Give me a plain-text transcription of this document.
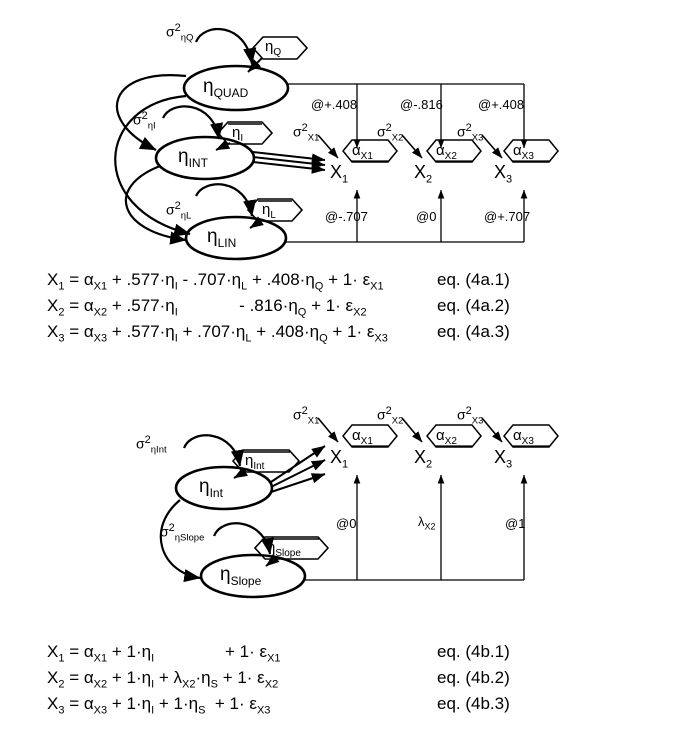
$\eta_{QUAD}$
$\eta_{INT}$
$\eta_{LIN}$
$\sigma^2_{\eta Q}$
$\sigma^2_{\eta I}$
$\sigma^2_{\eta L}$
$\sigma^2_{X1}$	$\sigma^2_{X2}$	$\sigma^2_{X3}$
$\eta_Q$
$\eta_I$
$\eta_L$
$\alpha_{X1}$	$\alpha_{X2}$	$\alpha_{X3}$
$X_1$	$X_2$	$X_3$
@+.408	@-.816	@+.408
@-.707	@0	@+.707
$X_1 = \alpha_{X1} + .577\cdot\eta_I - .707\cdot\eta_L + .408\cdot\eta_Q + 1\cdot \varepsilon_{X1}$	eq. (4a.1)
$X_2 = \alpha_{X2} + .577\cdot\eta_I$             - $.816\cdot\eta_Q + 1\cdot \varepsilon_{X2}$	eq. (4a.2)
$X_3 = \alpha_{X3} + .577\cdot\eta_I + .707\cdot\eta_L + .408\cdot\eta_Q + 1\cdot \varepsilon_{X3}$	eq. (4a.3)
$\eta_{Int}$
$\eta_{Slope}$
$\sigma^2_{\eta Int}$
$\sigma^2_{\eta Slope}$
$\sigma^2_{X1}$	$\sigma^2_{X2}$	$\sigma^2_{X3}$
$\eta_{Int}$
$\eta_{Slope}$
$\alpha_{X1}$	$\alpha_{X2}$	$\alpha_{X3}$
$X_1$	$X_2$	$X_3$
@0	$\lambda_{X2}$	@1
$X_1 = \alpha_{X1} + 1\cdot\eta_I$               + $1\cdot \varepsilon_{X1}$	eq. (4b.1)
$X_2 = \alpha_{X2} + 1\cdot\eta_I + \lambda_{X2}\cdot\eta_S + 1\cdot \varepsilon_{X2}$	eq. (4b.2)
$X_3 = \alpha_{X3} + 1\cdot\eta_I + 1\cdot\eta_S + 1\cdot \varepsilon_{X3}$	eq. (4b.3)
